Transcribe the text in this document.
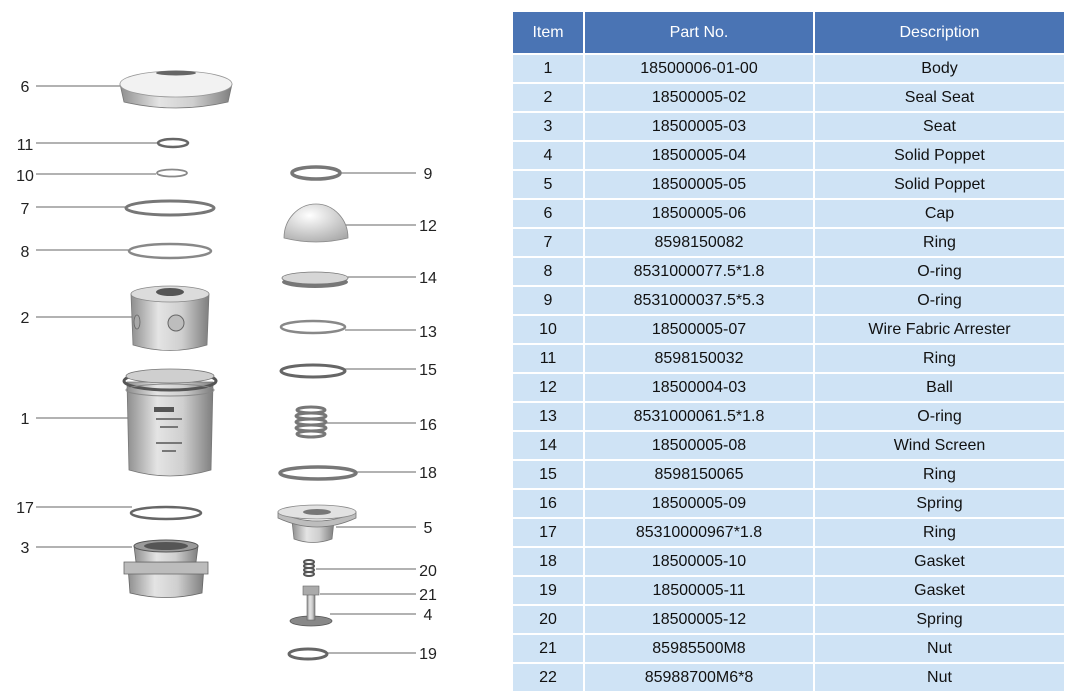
6
11
10
7
8
2
1
17
3
9
12
14
13
15
16
18
5
20
21
4
19
Item	Part No.	Description
1	18500006-01-00	Body
2	18500005-02	Seal Seat
3	18500005-03	Seat
4	18500005-04	Solid Poppet
5	18500005-05	Solid Poppet
6	18500005-06	Cap
7	8598150082	Ring
8	8531000077.5*1.8	O-ring
9	8531000037.5*5.3	O-ring
10	18500005-07	Wire Fabric Arrester
11	8598150032	Ring
12	18500004-03	Ball
13	8531000061.5*1.8	O-ring
14	18500005-08	Wind Screen
15	8598150065	Ring
16	18500005-09	Spring
17	85310000967*1.8	Ring
18	18500005-10	Gasket
19	18500005-11	Gasket
20	18500005-12	Spring
21	85985500M8	Nut
22	85988700M6*8	Nut
